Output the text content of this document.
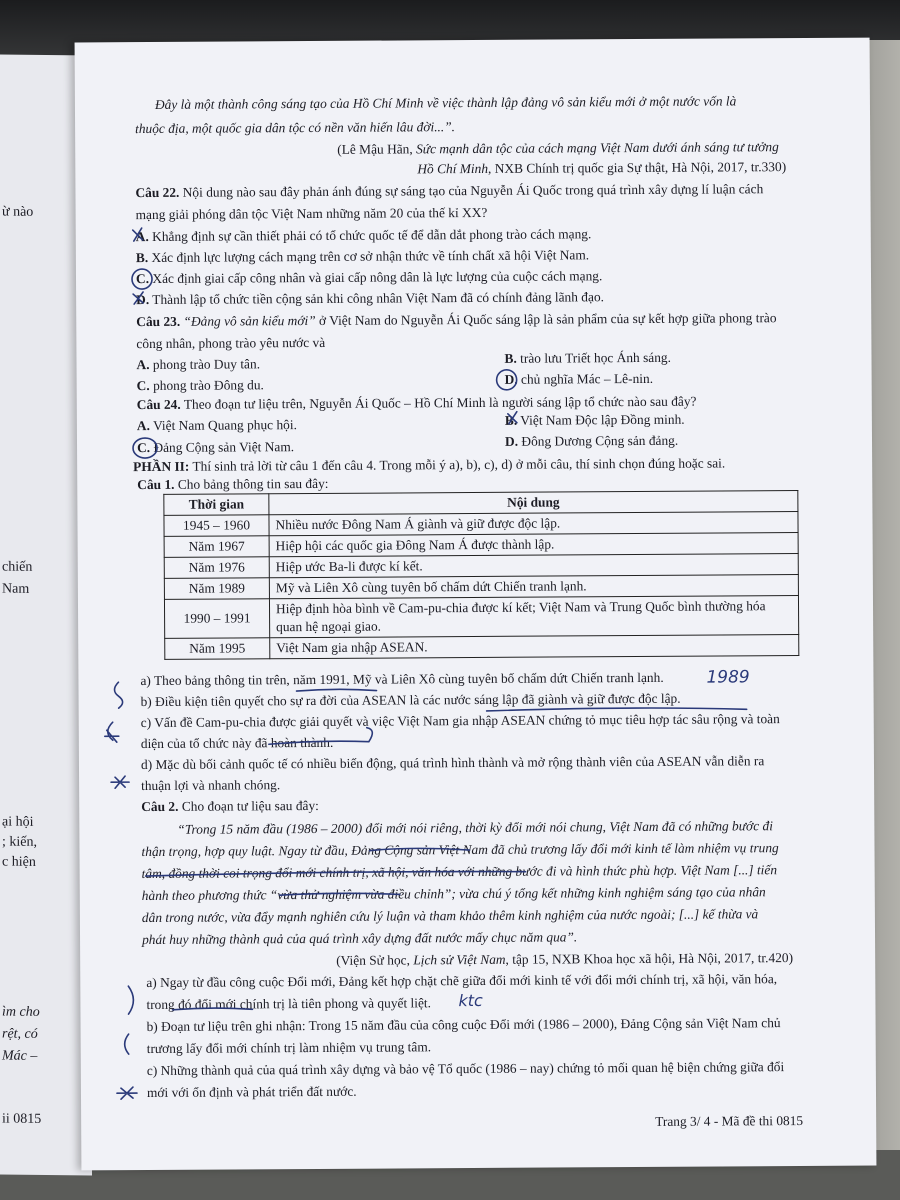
ừ nào
chiến
Nam
ại hội
; kiến,
c hiện
ìm cho
rệt, có
Mác –
ii 0815
Đây là một thành công sáng tạo của Hồ Chí Minh về việc thành lập đảng vô sản kiểu mới ở một nước vốn là
thuộc địa, một quốc gia dân tộc có nền văn hiến lâu đời...”.
(Lê Mậu Hãn, Sức mạnh dân tộc của cách mạng Việt Nam dưới ánh sáng tư tưởng
Hồ Chí Minh, NXB Chính trị quốc gia Sự thật, Hà Nội, 2017, tr.330)
Câu 22. Nội dung nào sau đây phản ánh đúng sự sáng tạo của Nguyễn Ái Quốc trong quá trình xây dựng lí luận cách
mạng giải phóng dân tộc Việt Nam những năm 20 của thế kỉ XX?
A. Khẳng định sự cần thiết phải có tổ chức quốc tế để dẫn dắt phong trào cách mạng.
B. Xác định lực lượng cách mạng trên cơ sở nhận thức về tính chất xã hội Việt Nam.
C. Xác định giai cấp công nhân và giai cấp nông dân là lực lượng của cuộc cách mạng.
D. Thành lập tổ chức tiền cộng sản khi công nhân Việt Nam đã có chính đảng lãnh đạo.
Câu 23. “Đảng vô sản kiểu mới” ở Việt Nam do Nguyễn Ái Quốc sáng lập là sản phẩm của sự kết hợp giữa phong trào
công nhân, phong trào yêu nước và
A. phong trào Duy tân.	B. trào lưu Triết học Ánh sáng.
C. phong trào Đông du.	D. chủ nghĩa Mác – Lê-nin.
Câu 24. Theo đoạn tư liệu trên, Nguyễn Ái Quốc – Hồ Chí Minh là người sáng lập tổ chức nào sau đây?
A. Việt Nam Quang phục hội.	B. Việt Nam Độc lập Đồng minh.
C. Đảng Cộng sản Việt Nam.	D. Đông Dương Cộng sản đảng.
PHẦN II: Thí sinh trả lời từ câu 1 đến câu 4. Trong mỗi ý a), b), c), d) ở mỗi câu, thí sinh chọn đúng hoặc sai.
Câu 1. Cho bảng thông tin sau đây:
Thời gian	Nội dung
1945 – 1960	Nhiều nước Đông Nam Á giành và giữ được độc lập.
Năm 1967	Hiệp hội các quốc gia Đông Nam Á được thành lập.
Năm 1976	Hiệp ước Ba-li được kí kết.
Năm 1989	Mỹ và Liên Xô cùng tuyên bố chấm dứt Chiến tranh lạnh.
1990 – 1991	Hiệp định hòa bình về Cam-pu-chia được kí kết; Việt Nam và Trung Quốc bình thường hóa quan hệ ngoại giao.
Năm 1995	Việt Nam gia nhập ASEAN.
a) Theo bảng thông tin trên, năm 1991, Mỹ và Liên Xô cùng tuyên bố chấm dứt Chiến tranh lạnh.
b) Điều kiện tiên quyết cho sự ra đời của ASEAN là các nước sáng lập đã giành và giữ được độc lập.
c) Vấn đề Cam-pu-chia được giải quyết và việc Việt Nam gia nhập ASEAN chứng tỏ mục tiêu hợp tác sâu rộng và toàn
diện của tổ chức này đã hoàn thành.
d) Mặc dù bối cảnh quốc tế có nhiều biến động, quá trình hình thành và mở rộng thành viên của ASEAN vẫn diễn ra
thuận lợi và nhanh chóng.
Câu 2. Cho đoạn tư liệu sau đây:
“Trong 15 năm đầu (1986 – 2000) đổi mới nói riêng, thời kỳ đổi mới nói chung, Việt Nam đã có những bước đi
thận trọng, hợp quy luật. Ngay từ đầu, Đảng Cộng sản Việt Nam đã chủ trương lấy đổi mới kinh tế làm nhiệm vụ trung
tâm, đồng thời coi trọng đổi mới chính trị, xã hội, văn hóa với những bước đi và hình thức phù hợp. Việt Nam [...] tiến
hành theo phương thức “vừa thử nghiệm vừa điều chỉnh”; vừa chú ý tổng kết những kinh nghiệm sáng tạo của nhân
dân trong nước, vừa đẩy mạnh nghiên cứu lý luận và tham khảo thêm kinh nghiệm của nước ngoài; [...] kế thừa và
phát huy những thành quả của quá trình xây dựng đất nước mấy chục năm qua”.
(Viện Sử học, Lịch sử Việt Nam, tập 15, NXB Khoa học xã hội, Hà Nội, 2017, tr.420)
a) Ngay từ đầu công cuộc Đổi mới, Đảng kết hợp chặt chẽ giữa đổi mới kinh tế với đổi mới chính trị, xã hội, văn hóa,
trong đó đổi mới chính trị là tiên phong và quyết liệt.
b) Đoạn tư liệu trên ghi nhận: Trong 15 năm đầu của công cuộc Đổi mới (1986 – 2000), Đảng Cộng sản Việt Nam chủ
trương lấy đổi mới chính trị làm nhiệm vụ trung tâm.
c) Những thành quả của quá trình xây dựng và bảo vệ Tổ quốc (1986 – nay) chứng tỏ mối quan hệ biện chứng giữa đổi
mới với ổn định và phát triển đất nước.
Trang 3/ 4 - Mã đề thi 0815
1989
ktc
